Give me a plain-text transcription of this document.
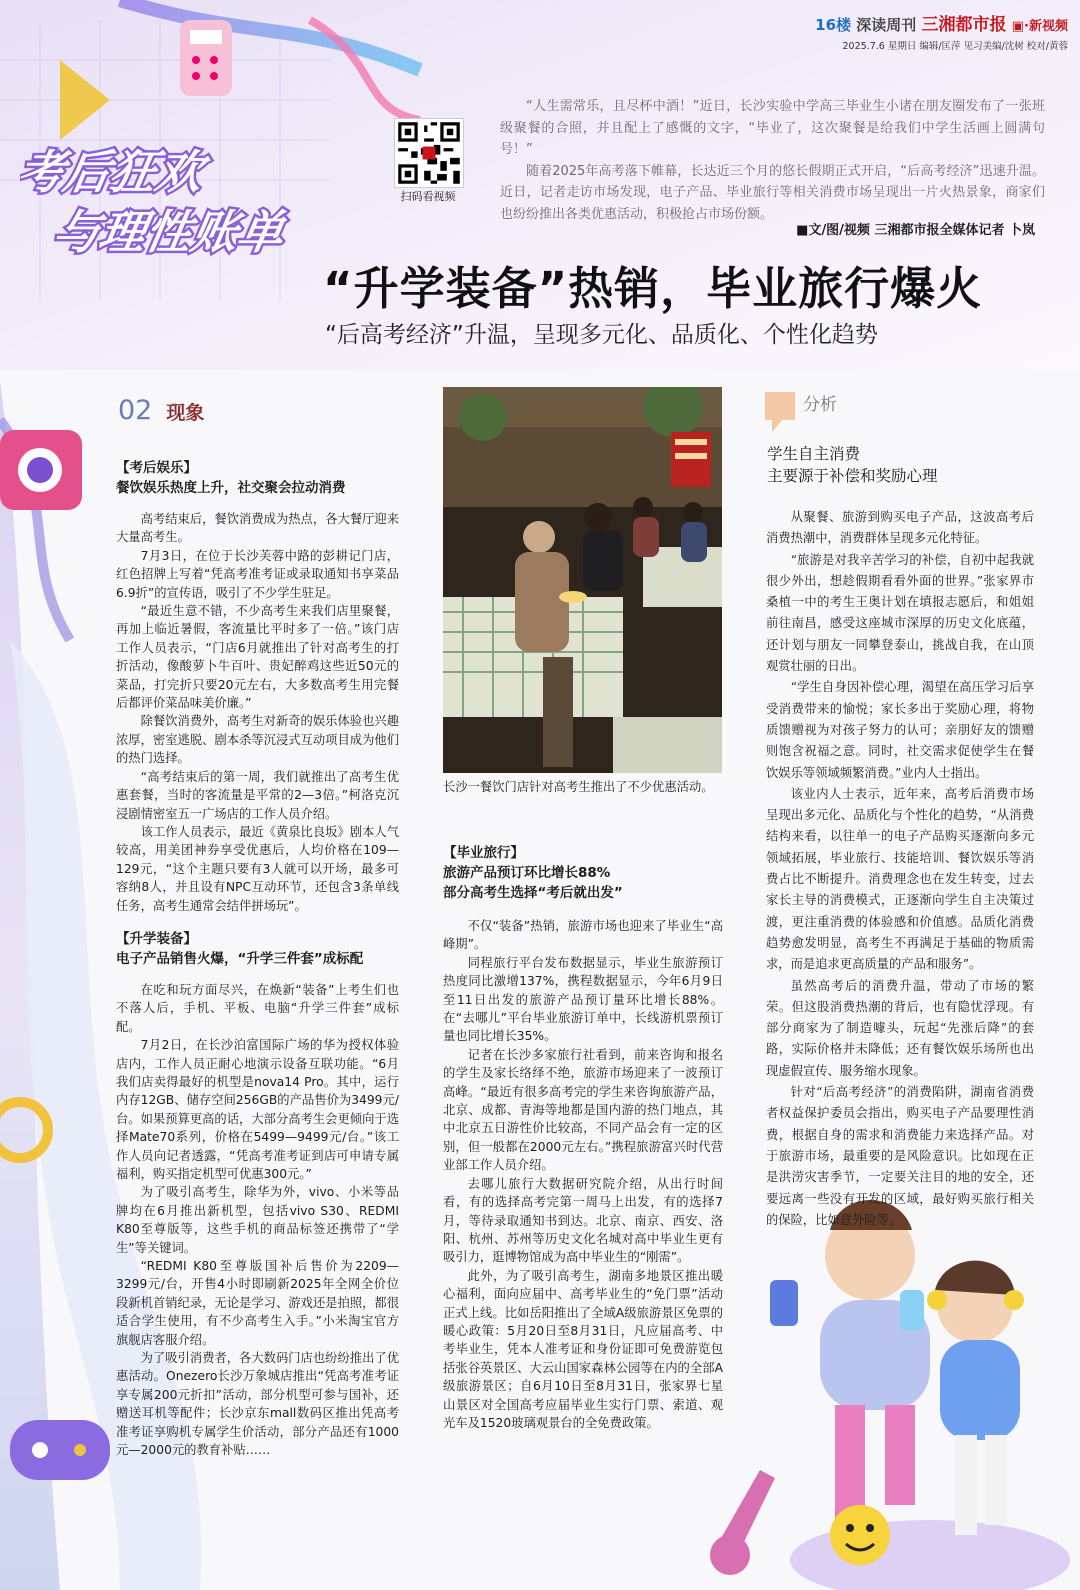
16楼 深读周刊 三湘都市报 ▣·新视频
2025.7.6 星期日 编辑/匡萍 见习美编/沈树 校对/黄蓉
考后狂欢
与理性账单
扫码看视频

“人生需常乐，且尽杯中酒！”近日，长沙实验中学高三毕业生小诸在朋友圈发布了一张班级聚餐的合照，并且配上了感慨的文字，“毕业了，这次聚餐是给我们中学生活画上圆满句号！”

随着2025年高考落下帷幕，长达近三个月的悠长假期正式开启，“后高考经济”迅速升温。近日，记者走访市场发现，电子产品、毕业旅行等相关消费市场呈现出一片火热景象，商家们也纷纷推出各类优惠活动，积极抢占市场份额。

■文/图/视频 三湘都市报全媒体记者 卜岚
“升学装备”热销，毕业旅行爆火
“后高考经济”升温，呈现多元化、品质化、个性化趋势
02 现象
【考后娱乐】
餐饮娱乐热度上升，社交聚会拉动消费

高考结束后，餐饮消费成为热点，各大餐厅迎来大量高考生。

7月3日，在位于长沙芙蓉中路的彭耕记门店，红色招牌上写着“凭高考准考证或录取通知书享菜品6.9折”的宣传语，吸引了不少学生驻足。

“最近生意不错，不少高考生来我们店里聚餐，再加上临近暑假，客流量比平时多了一倍。”该门店工作人员表示，“门店6月就推出了针对高考生的打折活动，像酸萝卜牛百叶、贵妃醉鸡这些近50元的菜品，打完折只要20元左右，大多数高考生用完餐后都评价菜品味美价廉。”

除餐饮消费外，高考生对新奇的娱乐体验也兴趣浓厚，密室逃脱、剧本杀等沉浸式互动项目成为他们的热门选择。

“高考结束后的第一周，我们就推出了高考生优惠套餐，当时的客流量是平常的2—3倍。”柯洛克沉浸剧情密室五一广场店的工作人员介绍。

该工作人员表示，最近《黄泉比良坂》剧本人气较高，用美团神券享受优惠后，人均价格在109—129元，“这个主题只要有3人就可以开场，最多可容纳8人，并且设有NPC互动环节，还包含3条单线任务，高考生通常会结伴拼场玩”。

【升学装备】
电子产品销售火爆，“升学三件套”成标配

在吃和玩方面尽兴，在焕新“装备”上考生们也不落人后，手机、平板、电脑“升学三件套”成标配。

7月2日，在长沙泊富国际广场的华为授权体验店内，工作人员正耐心地演示设备互联功能。“6月我们店卖得最好的机型是nova14 Pro。其中，运行内存12GB、储存空间256GB的产品售价为3499元/台。如果预算更高的话，大部分高考生会更倾向于选择Mate70系列，价格在5499—9499元/台。”该工作人员向记者透露，“凭高考准考证到店可申请专属福利，购买指定机型可优惠300元。”

为了吸引高考生，除华为外，vivo、小米等品牌均在6月推出新机型，包括vivo S30、REDMI K80至尊版等，这些手机的商品标签还携带了“学生”等关键词。

“REDMI K80至尊版国补后售价为2209—3299元/台，开售4小时即刷新2025年全网全价位段新机首销纪录，无论是学习、游戏还是拍照，都很适合学生使用，有不少高考生入手。”小米淘宝官方旗舰店客服介绍。

为了吸引消费者，各大数码门店也纷纷推出了优惠活动。Onezero长沙万象城店推出“凭高考准考证享专属200元折扣”活动，部分机型可参与国补，还赠送耳机等配件；长沙京东mall数码区推出凭高考准考证享购机专属学生价活动，部分产品还有1000元—2000元的教育补贴……

长沙一餐饮门店针对高考生推出了不少优惠活动。
【毕业旅行】
旅游产品预订环比增长88%
部分高考生选择“考后就出发”

不仅“装备”热销，旅游市场也迎来了毕业生“高峰期”。

同程旅行平台发布数据显示，毕业生旅游预订热度同比激增137%，携程数据显示，今年6月9日至11日出发的旅游产品预订量环比增长88%。在“去哪儿”平台毕业旅游订单中，长线游机票预订量也同比增长35%。

记者在长沙多家旅行社看到，前来咨询和报名的学生及家长络绎不绝，旅游市场迎来了一波预订高峰。“最近有很多高考完的学生来咨询旅游产品，北京、成都、青海等地都是国内游的热门地点，其中北京五日游性价比较高，不同产品会有一定的区别，但一般都在2000元左右。”携程旅游富兴时代营业部工作人员介绍。

去哪儿旅行大数据研究院介绍，从出行时间看，有的选择高考完第一周马上出发，有的选择7月，等待录取通知书到达。北京、南京、西安、洛阳、杭州、苏州等历史文化名城对高中毕业生更有吸引力，逛博物馆成为高中毕业生的“刚需”。

此外，为了吸引高考生，湖南多地景区推出暖心福利，面向应届中、高考毕业生的“免门票”活动正式上线。比如岳阳推出了全域A级旅游景区免票的暖心政策：5月20日至8月31日，凡应届高考、中考毕业生，凭本人准考证和身份证即可免费游览包括张谷英景区、大云山国家森林公园等在内的全部A级旅游景区；自6月10日至8月31日，张家界七星山景区对全国高考应届毕业生实行门票、索道、观光车及1520玻璃观景台的全免费政策。

分析
学生自主消费
主要源于补偿和奖励心理

从聚餐、旅游到购买电子产品，这波高考后消费热潮中，消费群体呈现多元化特征。

“旅游是对我辛苦学习的补偿，自初中起我就很少外出，想趁假期看看外面的世界。”张家界市桑植一中的考生王奥计划在填报志愿后，和姐姐前往南昌，感受这座城市深厚的历史文化底蕴，还计划与朋友一同攀登泰山，挑战自我，在山顶观赏壮丽的日出。

“学生自身因补偿心理，渴望在高压学习后享受消费带来的愉悦；家长多出于奖励心理，将物质馈赠视为对孩子努力的认可；亲朋好友的馈赠则饱含祝福之意。同时，社交需求促使学生在餐饮娱乐等领域频繁消费。”业内人士指出。

该业内人士表示，近年来，高考后消费市场呈现出多元化、品质化与个性化的趋势，“从消费结构来看，以往单一的电子产品购买逐渐向多元领域拓展，毕业旅行、技能培训、餐饮娱乐等消费占比不断提升。消费理念也在发生转变，过去家长主导的消费模式，正逐渐向学生自主决策过渡，更注重消费的体验感和价值感。品质化消费趋势愈发明显，高考生不再满足于基础的物质需求，而是追求更高质量的产品和服务”。

虽然高考后的消费升温，带动了市场的繁荣。但这股消费热潮的背后，也有隐忧浮现。有部分商家为了制造噱头，玩起“先涨后降”的套路，实际价格并未降低；还有餐饮娱乐场所也出现虚假宣传、服务缩水现象。

针对“后高考经济”的消费陷阱，湖南省消费者权益保护委员会指出，购买电子产品要理性消费，根据自身的需求和消费能力来选择产品。对于旅游市场，最重要的是风险意识。比如现在正是洪涝灾害季节，一定要关注目的地的安全，还要远离一些没有开发的区域，最好购买旅行相关的保险，比如意外险等。
